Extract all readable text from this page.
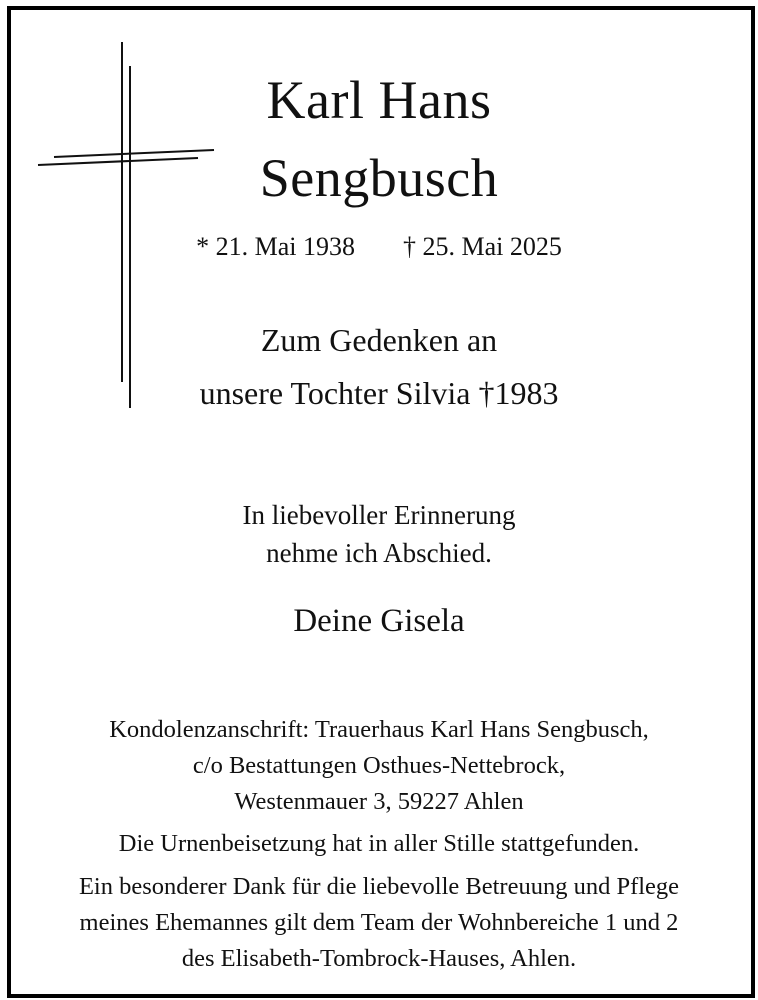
Karl Hans

Sengbusch

* 21. Mai 1938 † 25. Mai 2025

Zum Gedenken an

unsere Tochter Silvia †1983

In liebevoller Erinnerung

nehme ich Abschied.

Deine Gisela

Kondolenzanschrift: Trauerhaus Karl Hans Sengbusch,

c/o Bestattungen Osthues-Nettebrock,

Westenmauer 3, 59227 Ahlen

Die Urnenbeisetzung hat in aller Stille stattgefunden.

Ein besonderer Dank für die liebevolle Betreuung und Pflege

meines Ehemannes gilt dem Team der Wohnbereiche 1 und 2

des Elisabeth-Tombrock-Hauses, Ahlen.
